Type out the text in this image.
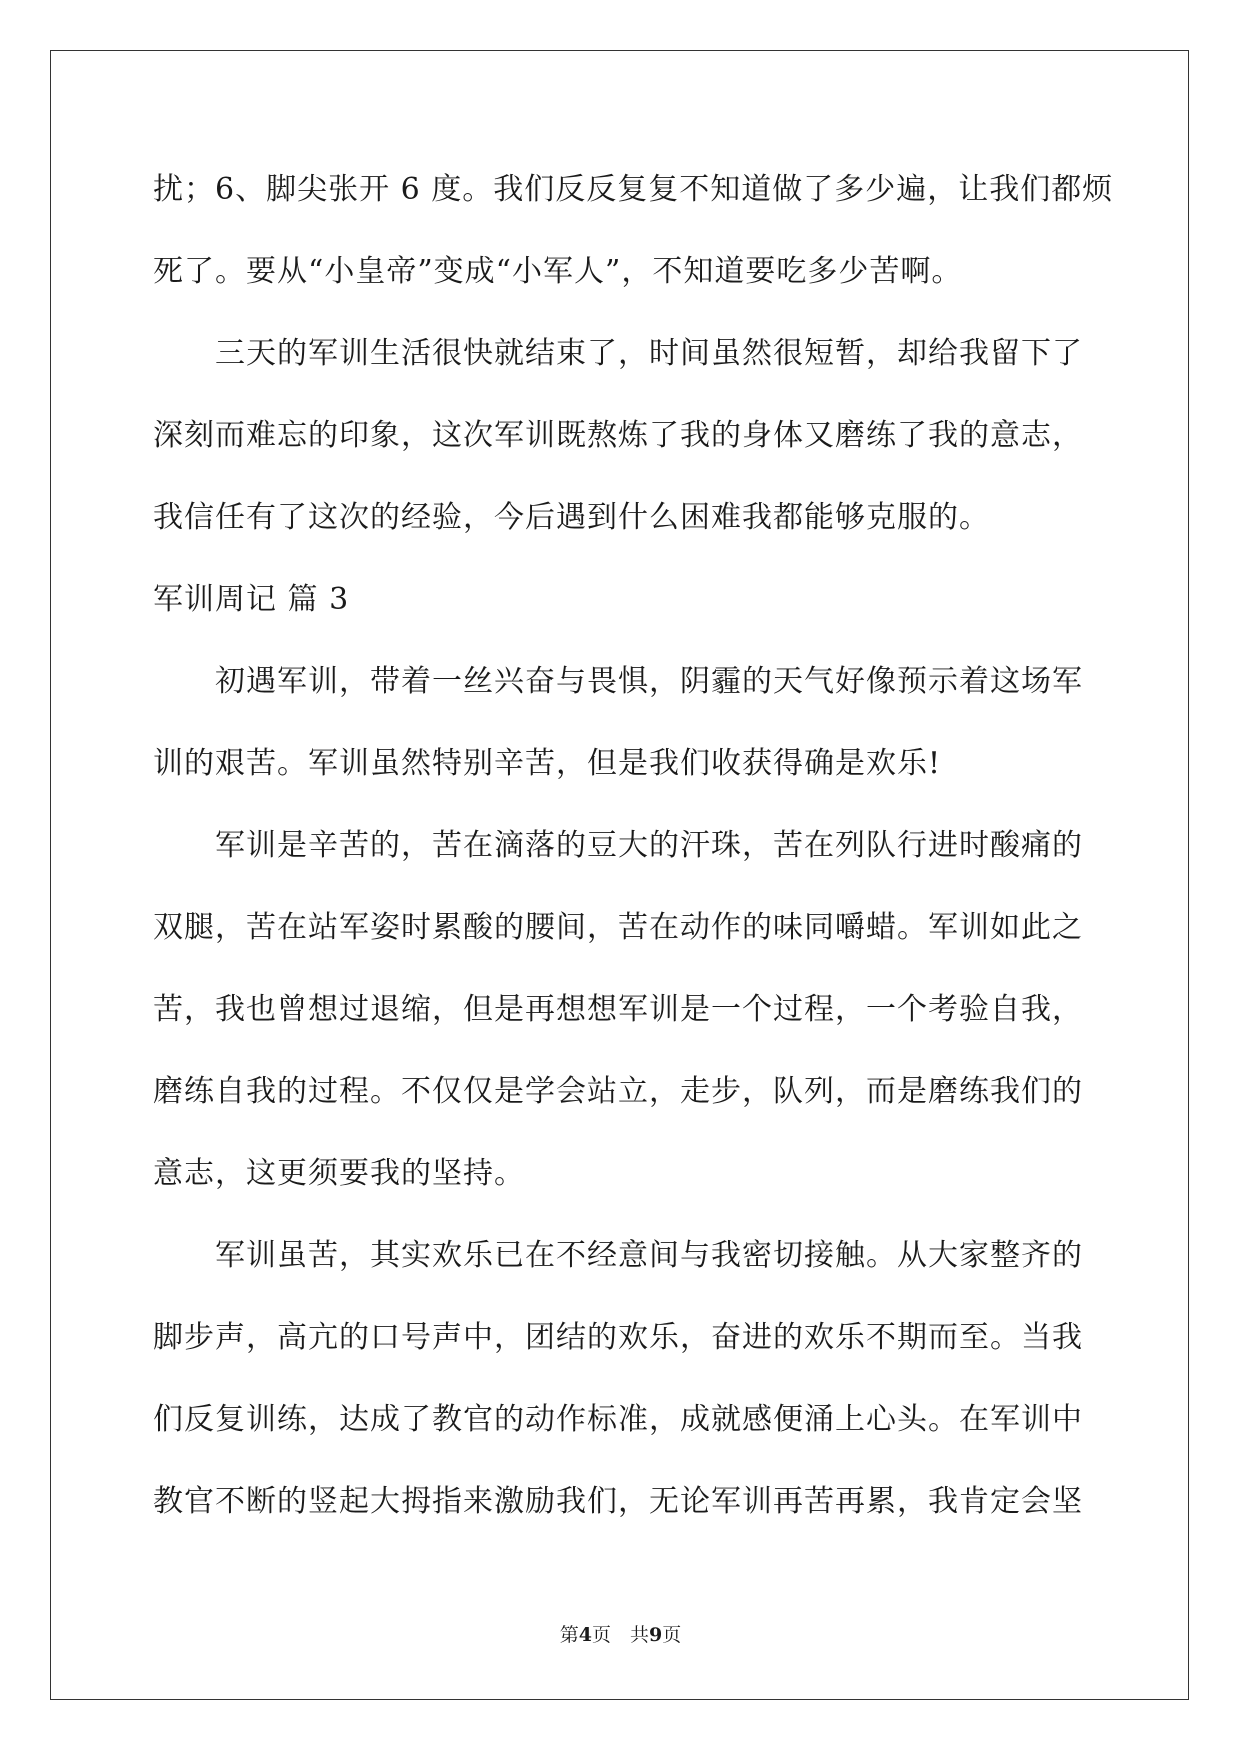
扰；6、脚尖张开 6 度。我们反反复复不知道做了多少遍，让我们都烦
死了。要从“小皇帝”变成“小军人”，不知道要吃多少苦啊。
　　三天的军训生活很快就结束了，时间虽然很短暂，却给我留下了
深刻而难忘的印象，这次军训既熬炼了我的身体又磨练了我的意志，
我信任有了这次的经验，今后遇到什么困难我都能够克服的。
军训周记 篇 3
　　初遇军训，带着一丝兴奋与畏惧，阴霾的天气好像预示着这场军
训的艰苦。军训虽然特别辛苦，但是我们收获得确是欢乐!
　　军训是辛苦的，苦在滴落的豆大的汗珠，苦在列队行进时酸痛的
双腿，苦在站军姿时累酸的腰间，苦在动作的味同嚼蜡。军训如此之
苦，我也曾想过退缩，但是再想想军训是一个过程，一个考验自我，
磨练自我的过程。不仅仅是学会站立，走步，队列，而是磨练我们的
意志，这更须要我的坚持。
　　军训虽苦，其实欢乐已在不经意间与我密切接触。从大家整齐的
脚步声，高亢的口号声中，团结的欢乐，奋进的欢乐不期而至。当我
们反复训练，达成了教官的动作标准，成就感便涌上心头。在军训中
教官不断的竖起大拇指来激励我们，无论军训再苦再累，我肯定会坚
第4页　共9页
